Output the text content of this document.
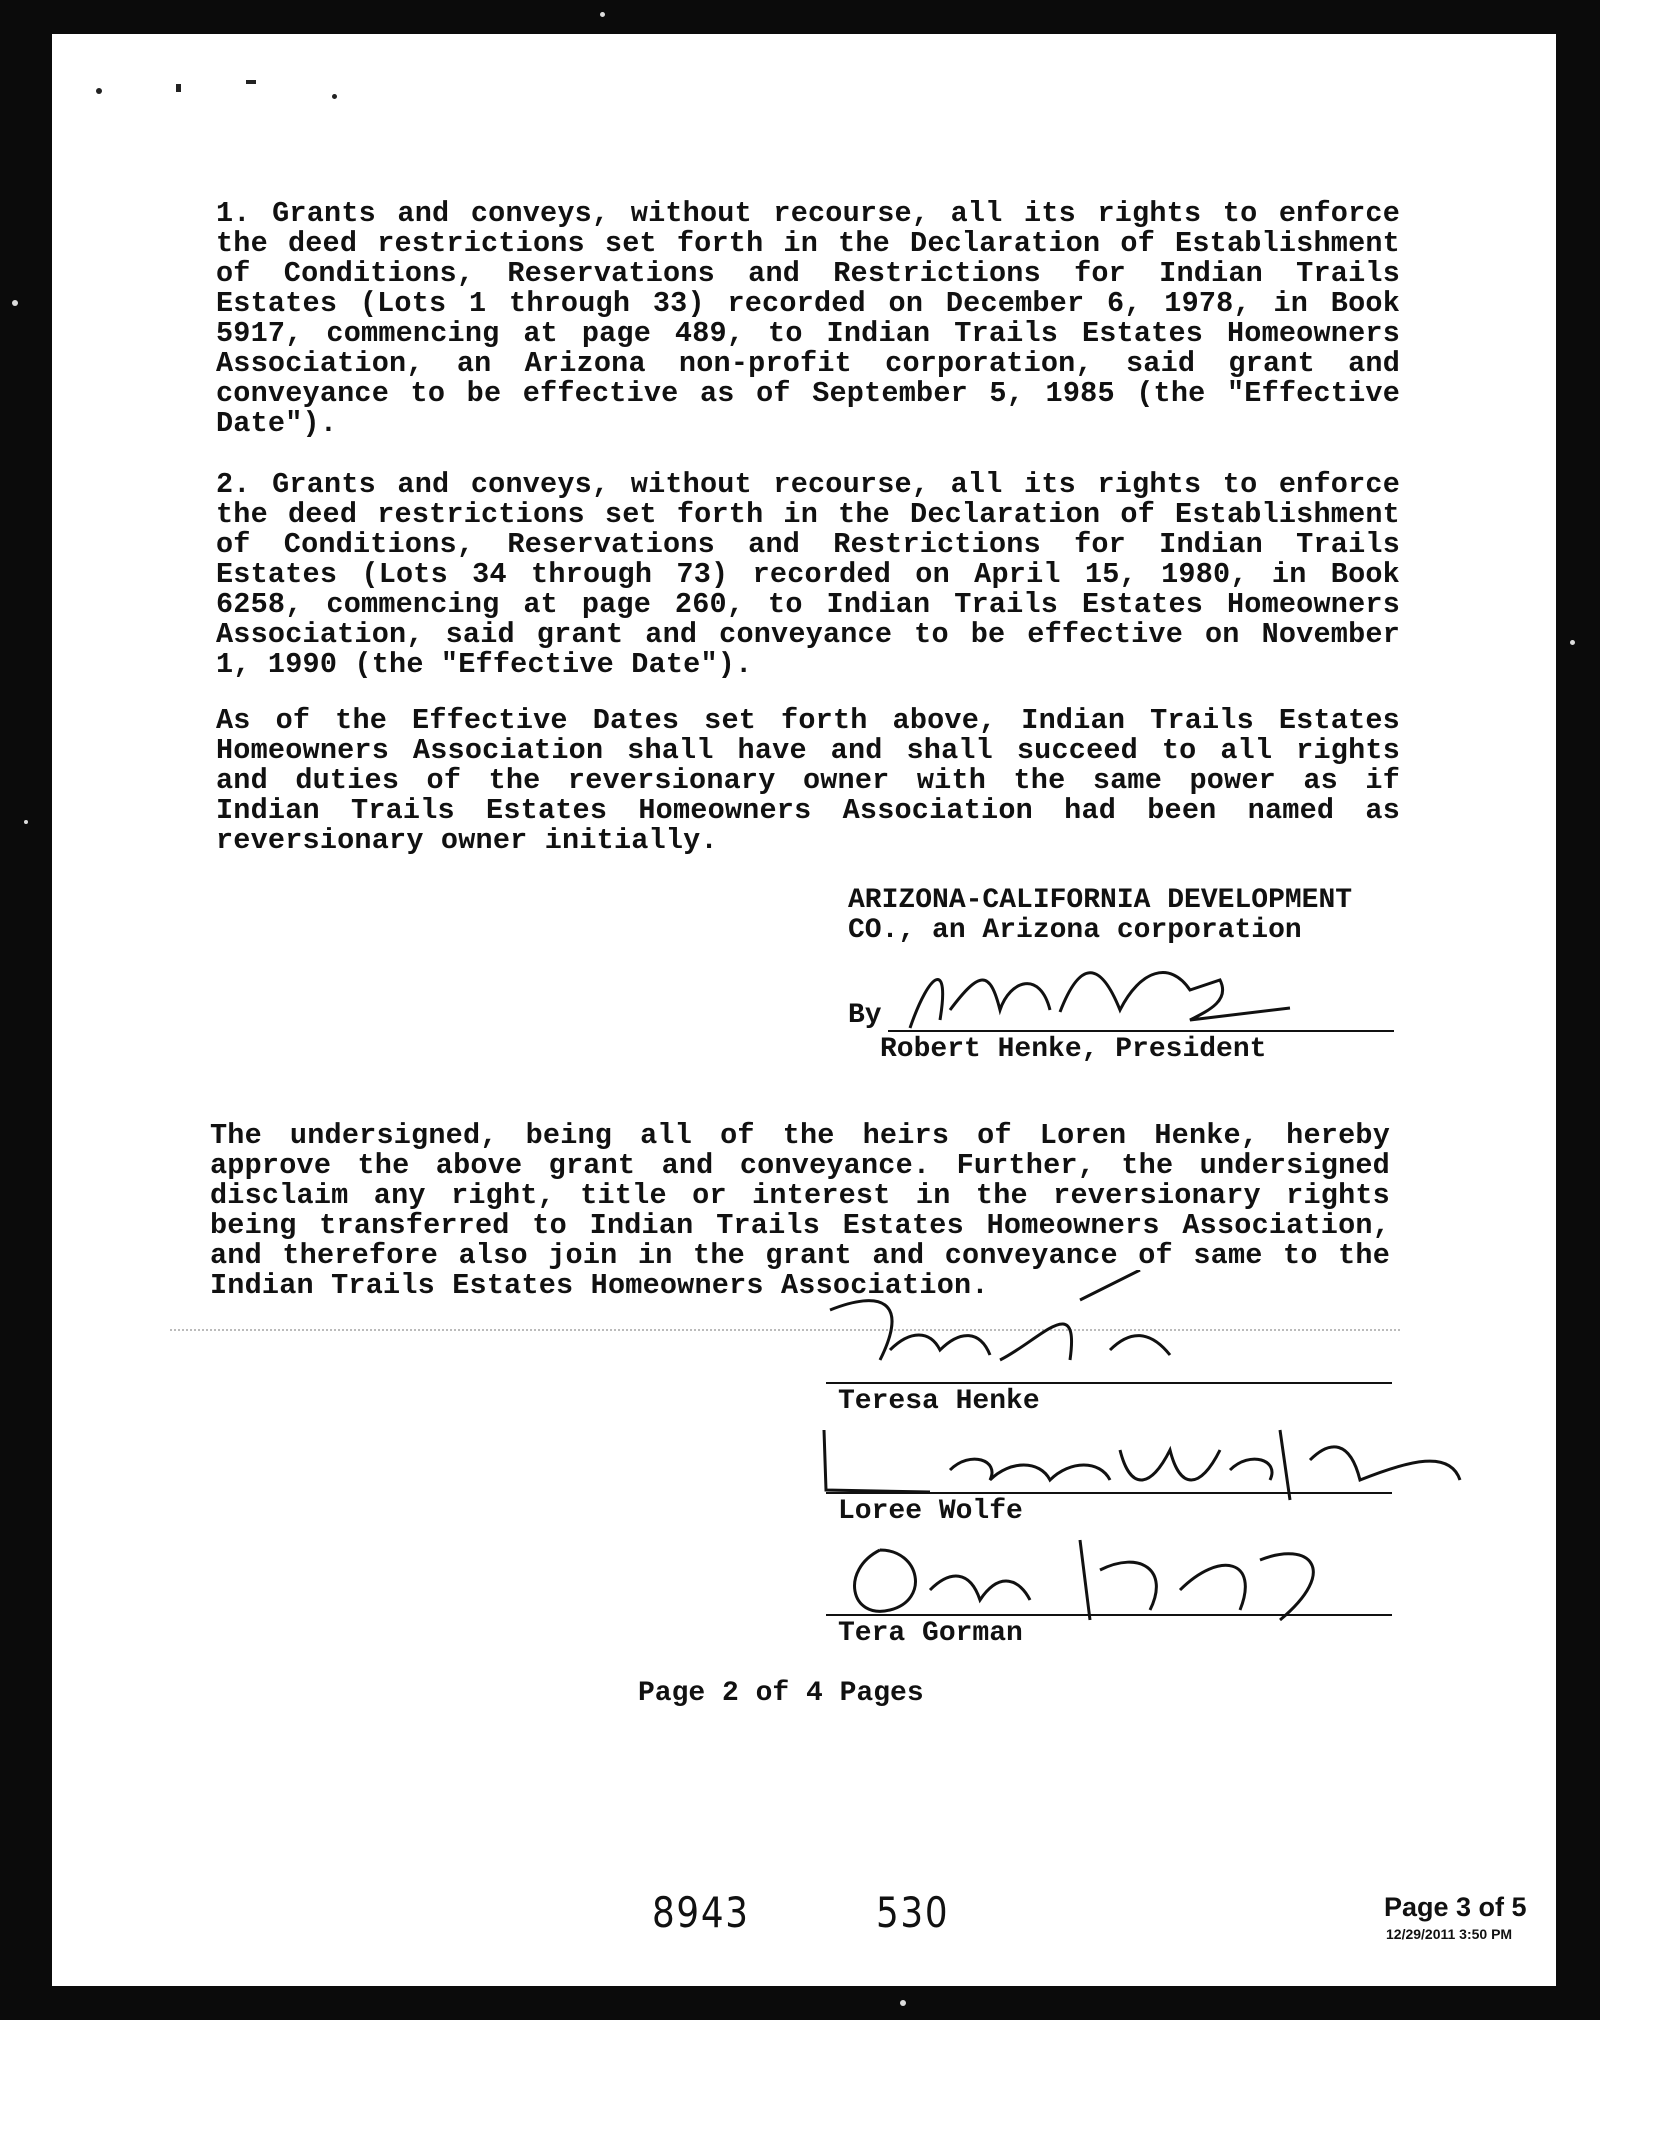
1. Grants and conveys, without recourse, all its rights to enforce the deed restrictions set forth in the Declaration of Establishment of Conditions, Reservations and Restrictions for Indian Trails Estates (Lots 1 through 33) recorded on December 6, 1978, in Book 5917, commencing at page 489, to Indian Trails Estates Homeowners Association, an Arizona non-profit corporation, said grant and conveyance to be effective as of September 5, 1985 (the "Effective Date").
2. Grants and conveys, without recourse, all its rights to enforce the deed restrictions set forth in the Declaration of Establishment of Conditions, Reservations and Restrictions for Indian Trails Estates (Lots 34 through 73) recorded on April 15, 1980, in Book 6258, commencing at page 260, to Indian Trails Estates Homeowners Association, said grant and conveyance to be effective on November 1, 1990 (the "Effective Date").
As of the Effective Dates set forth above, Indian Trails Estates Homeowners Association shall have and shall succeed to all rights and duties of the reversionary owner with the same power as if Indian Trails Estates Homeowners Association had been named as reversionary owner initially.
ARIZONA-CALIFORNIA DEVELOPMENT
CO., an Arizona corporation
By
Robert Henke, President
The undersigned, being all of the heirs of Loren Henke, hereby approve the above grant and conveyance. Further, the undersigned disclaim any right, title or interest in the reversionary rights being transferred to Indian Trails Estates Homeowners Association, and therefore also join in the grant and conveyance of same to the Indian Trails Estates Homeowners Association.
Teresa Henke
Loree Wolfe
Tera Gorman
Page 2 of 4 Pages
8943	530	Page 3 of 5
12/29/2011 3:50 PM
